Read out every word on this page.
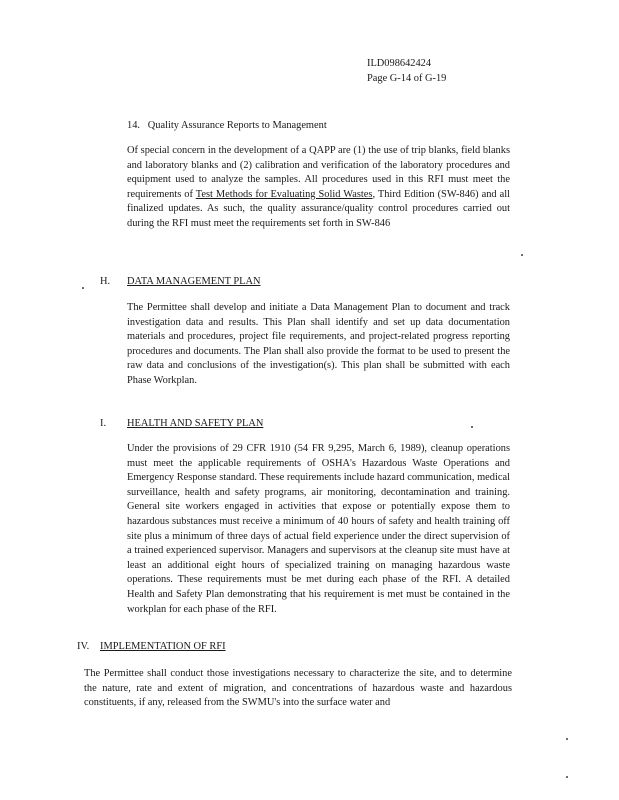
ILD098642424
Page G-14 of G-19
14. Quality Assurance Reports to Management

Of special concern in the development of a QAPP are (1) the use of trip blanks, field blanks and laboratory blanks and (2) calibration and verification of the laboratory procedures and equipment used to analyze the samples. All procedures used in this RFI must meet the requirements of Test Methods for Evaluating Solid Wastes, Third Edition (SW-846) and all finalized updates. As such, the quality assurance/quality control procedures carried out during the RFI must meet the requirements set forth in SW-846

H. DATA MANAGEMENT PLAN

The Permittee shall develop and initiate a Data Management Plan to document and track investigation data and results. This Plan shall identify and set up data documentation materials and procedures, project file requirements, and project-related progress reporting procedures and documents. The Plan shall also provide the format to be used to present the raw data and conclusions of the investigation(s). This plan shall be submitted with each Phase Workplan.

I. HEALTH AND SAFETY PLAN

Under the provisions of 29 CFR 1910 (54 FR 9,295, March 6, 1989), cleanup operations must meet the applicable requirements of OSHA's Hazardous Waste Operations and Emergency Response standard. These requirements include hazard communication, medical surveillance, health and safety programs, air monitoring, decontamination and training. General site workers engaged in activities that expose or potentially expose them to hazardous substances must receive a minimum of 40 hours of safety and health training off site plus a minimum of three days of actual field experience under the direct supervision of a trained experienced supervisor. Managers and supervisors at the cleanup site must have at least an additional eight hours of specialized training on managing hazardous waste operations. These requirements must be met during each phase of the RFI. A detailed Health and Safety Plan demonstrating that his requirement is met must be contained in the workplan for each phase of the RFI.

IV. IMPLEMENTATION OF RFI

The Permittee shall conduct those investigations necessary to characterize the site, and to determine the nature, rate and extent of migration, and concentrations of hazardous waste and hazardous constituents, if any, released from the SWMU's into the surface water and
